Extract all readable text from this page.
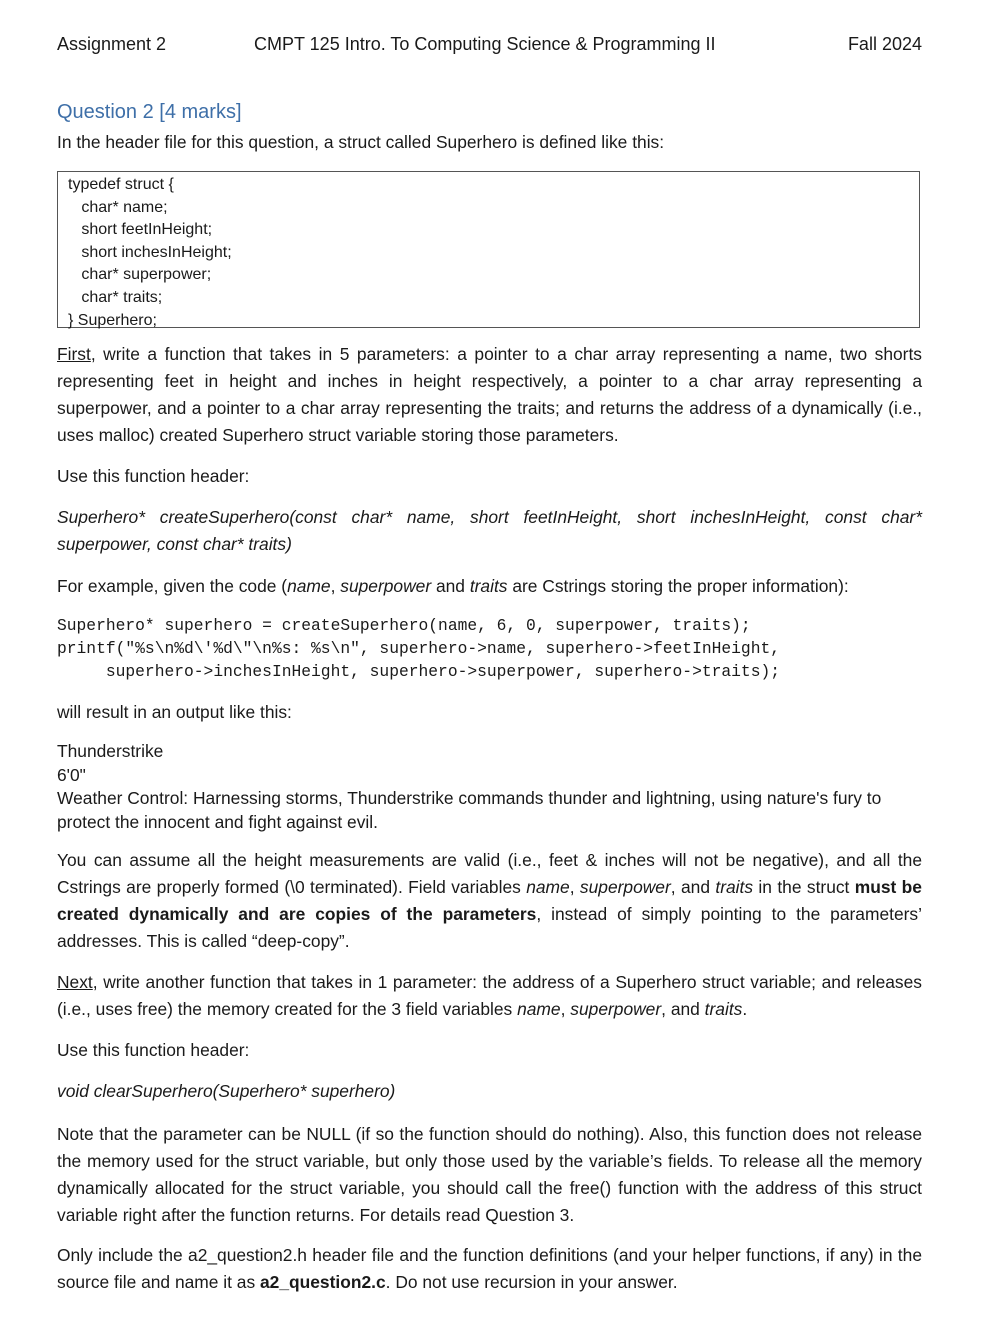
Assignment 2	CMPT 125 Intro. To Computing Science & Programming II	Fall 2024
Question 2 [4 marks]
In the header file for this question, a struct called Superhero is defined like this:
typedef struct {
char* name;
short feetInHeight;
short inchesInHeight;
char* superpower;
char* traits;
} Superhero;
First, write a function that takes in 5 parameters: a pointer to a char array representing a name, two shorts representing feet in height and inches in height respectively, a pointer to a char array representing a superpower, and a pointer to a char array representing the traits; and returns the address of a dynamically (i.e., uses malloc) created Superhero struct variable storing those parameters.
Use this function header:
Superhero* createSuperhero(const char* name, short feetInHeight, short inchesInHeight, const char* superpower, const char* traits)
For example, given the code (name, superpower and traits are Cstrings storing the proper information):
Superhero* superhero = createSuperhero(name, 6, 0, superpower, traits);
printf("%s\n%d\'%d\"\n%s: %s\n", superhero->name, superhero->feetInHeight,
superhero->inchesInHeight, superhero->superpower, superhero->traits);
will result in an output like this:
Thunderstrike
6'0"
Weather Control: Harnessing storms, Thunderstrike commands thunder and lightning, using nature's fury to protect the innocent and fight against evil.
You can assume all the height measurements are valid (i.e., feet & inches will not be negative), and all the Cstrings are properly formed (\0 terminated). Field variables name, superpower, and traits in the struct must be created dynamically and are copies of the parameters, instead of simply pointing to the parameters’ addresses. This is called “deep-copy”.
Next, write another function that takes in 1 parameter: the address of a Superhero struct variable; and releases (i.e., uses free) the memory created for the 3 field variables name, superpower, and traits.
Use this function header:
void clearSuperhero(Superhero* superhero)
Note that the parameter can be NULL (if so the function should do nothing). Also, this function does not release the memory used for the struct variable, but only those used by the variable’s fields. To release all the memory dynamically allocated for the struct variable, you should call the free() function with the address of this struct variable right after the function returns. For details read Question 3.
Only include the a2_question2.h header file and the function definitions (and your helper functions, if any) in the source file and name it as a2_question2.c. Do not use recursion in your answer.
